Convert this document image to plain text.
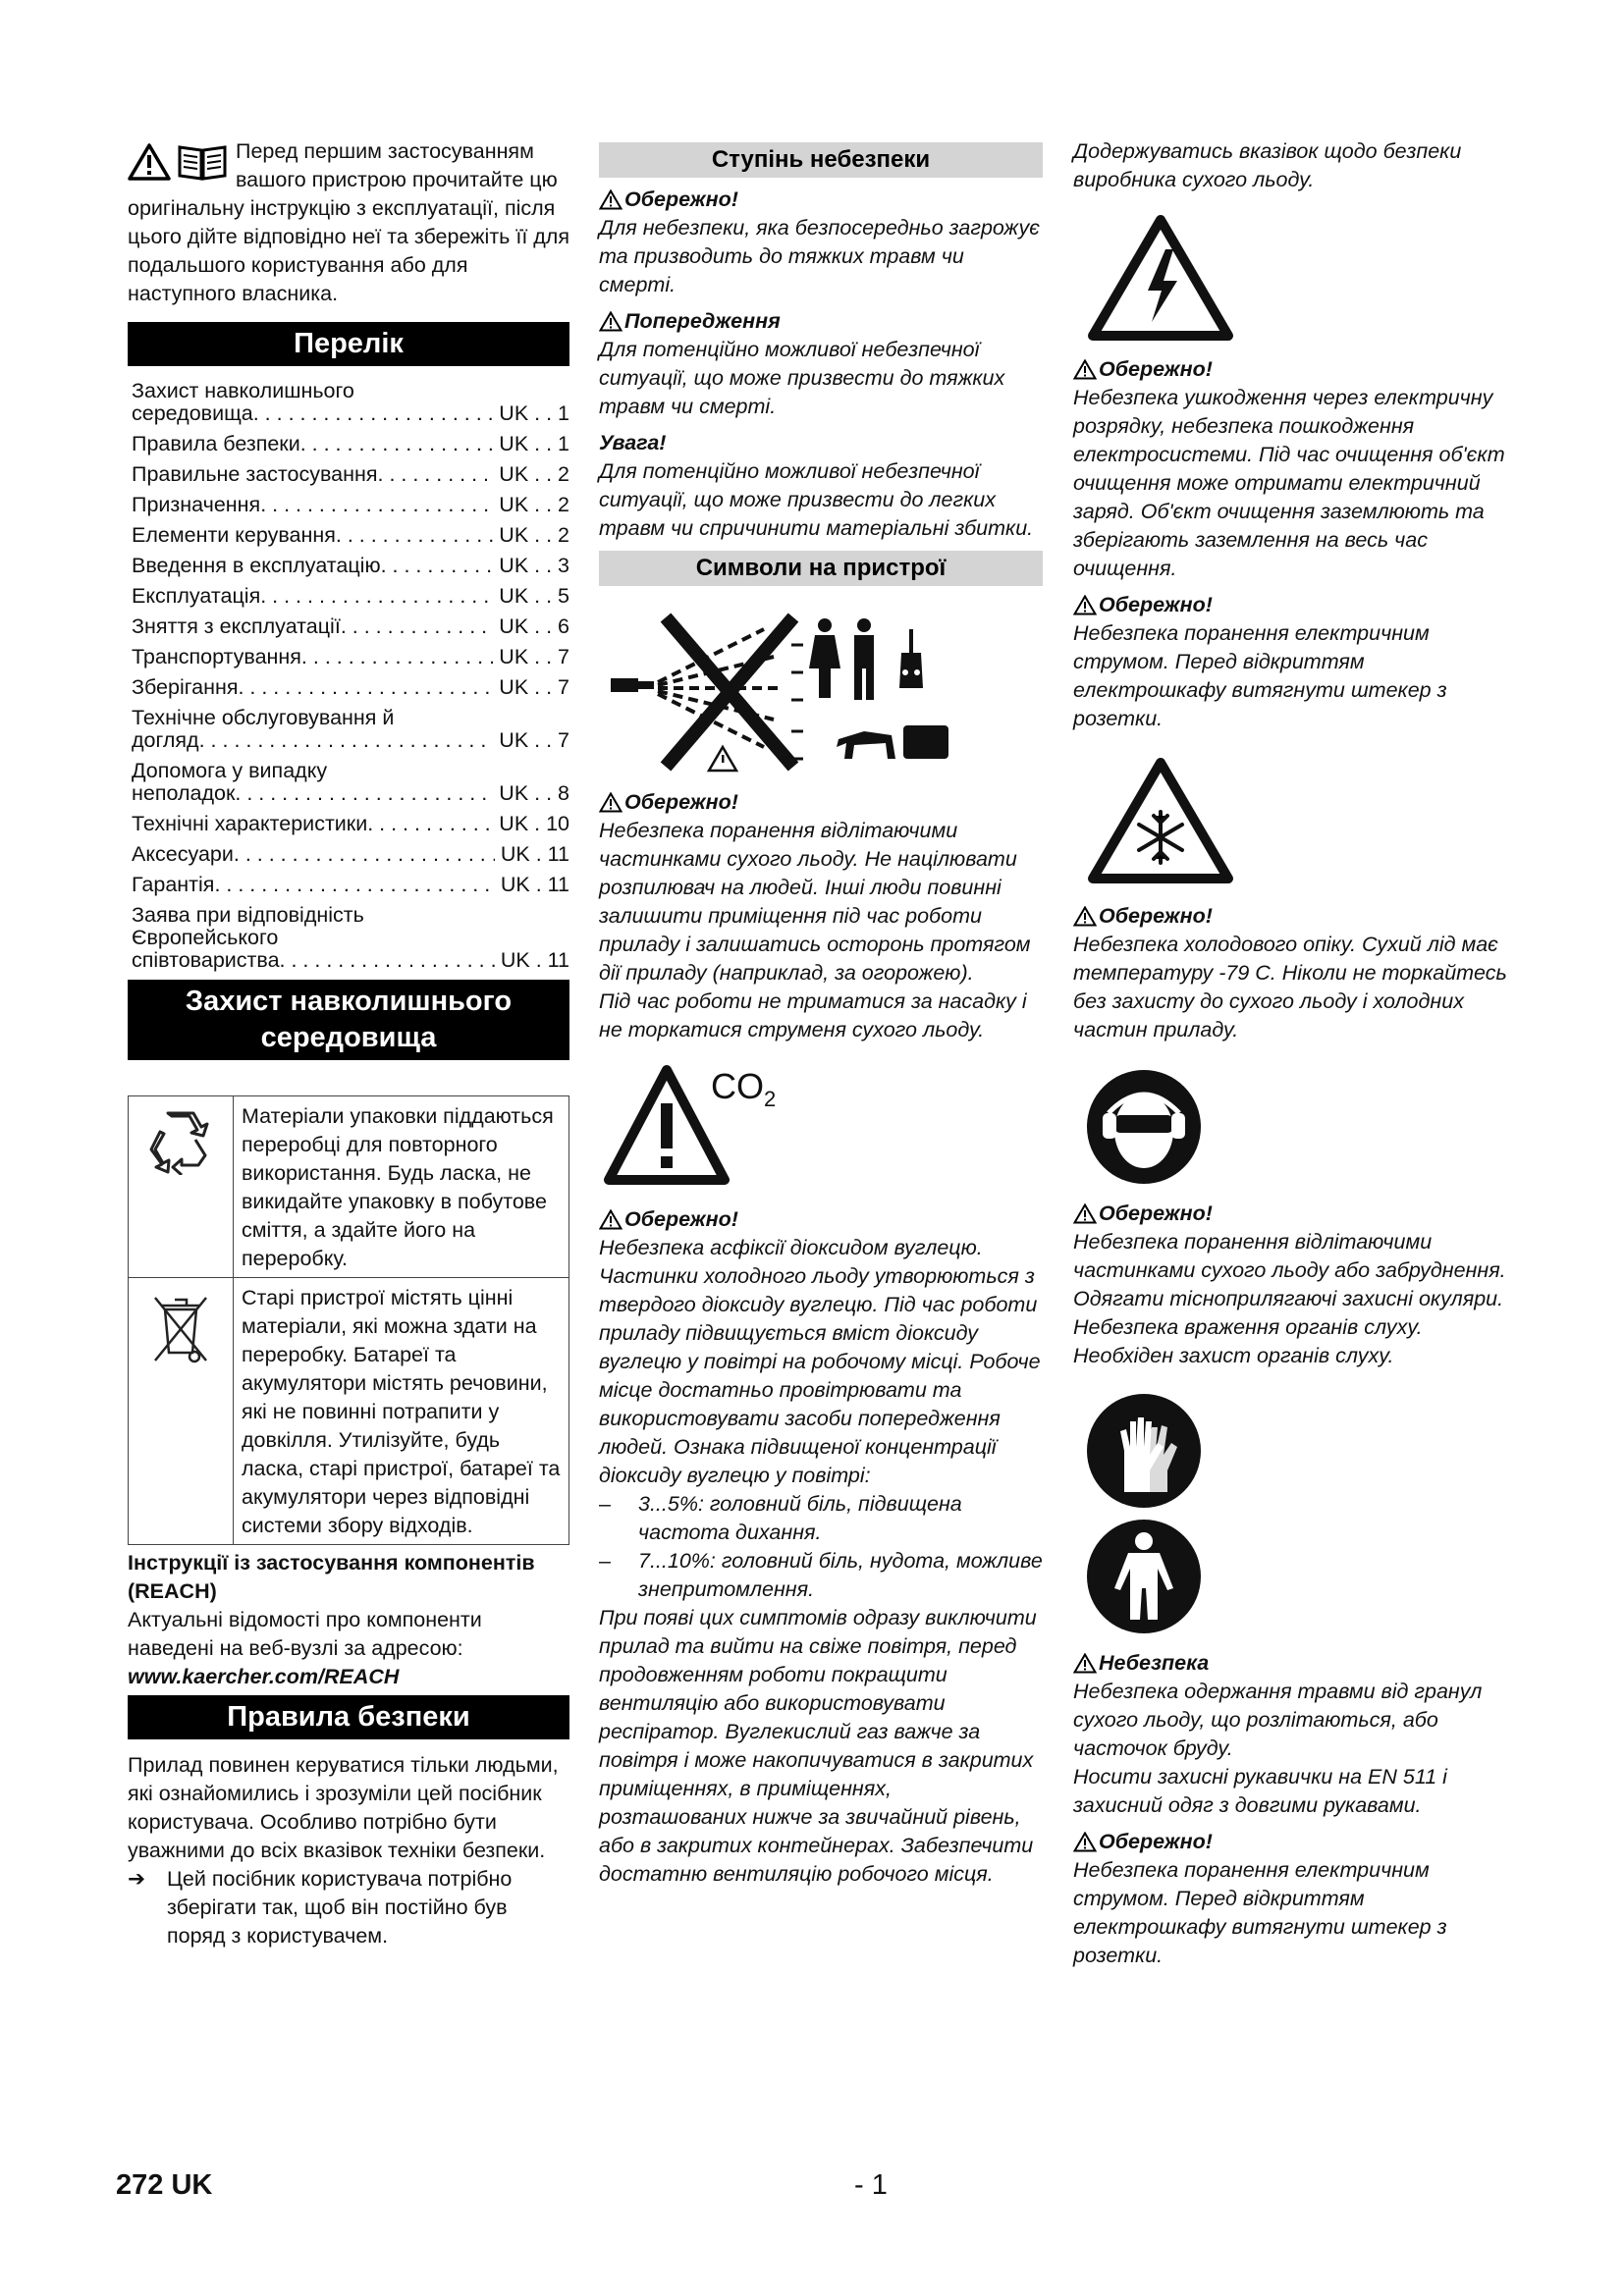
Перед першим застосуванням вашого пристрою прочитайте цю оригінальну інструкцію з експлуатації, після цього дійте відповідно неї та збережіть її для подальшого користування або для наступного власника.
Перелік
Захист навколишнього
середовища . . .	UK . . 1
Правила безпеки . . .	UK . . 1
Правильне застосування . . .	UK . . 2
Призначення . . .	UK . . 2
Елементи керування . . .	UK . . 2
Введення в експлуатацію . . .	UK . . 3
Експлуатація . . .	UK . . 5
Зняття з експлуатації . . .	UK . . 6
Транспортування . . .	UK . . 7
Зберігання . . .	UK . . 7
Технічне обслуговування й
догляд . . .	UK . . 7
Допомога у випадку
неполадок . . .	UK . . 8
Технічні характеристики . . .	UK . 10
Аксесуари . . .	UK . 11
Гарантія . . .	UK . 11
Заява при відповідність
Європейського
співтовариства . . .	UK . 11
Захист навколишнього середовища
	Матеріали упаковки піддаються переробці для повторного використання. Будь ласка, не викидайте упаковку в побутове сміття, а здайте його на переробку.
	Старі пристрої містять цінні матеріали, які можна здати на переробку. Батареї та акумулятори містять речовини, які не повинні потрапити у довкілля. Утилізуйте, будь ласка, старі пристрої, батареї та акумулятори через відповідні системи збору відходів.

Інструкції із застосування компонентів (REACH)

Актуальні відомості про компоненти наведені на веб-вузлі за адресою:

www.kaercher.com/REACH

Правила безпеки

Прилад повинен керуватися тільки людьми, які ознайомились і зрозуміли цей посібник користувача. Особливо потрібно бути уважними до всіх вказівок техніки безпеки.

➔	Цей посібник користувача потрібно зберігати так, щоб він постійно був поряд з користувачем.
Ступінь небезпеки
Обережно!

Для небезпеки, яка безпосередньо загрожує та призводить до тяжких травм чи смерті.

Попередження

Для потенційно можливої небезпечної ситуації, що може призвести до тяжких травм чи смерті.

Увага!

Для потенційно можливої небезпечної ситуації, що може призвести до легких травм чи спричинити матеріальні збитки.

Символи на пристрої
Обережно!

Небезпека поранення відлітаючими частинками сухого льоду. Не націлювати розпилювач на людей. Інші люди повинні залишити приміщення під час роботи приладу і залишатись осторонь протягом дії приладу (наприклад, за огорожею).

Під час роботи не триматися за насадку і не торкатися струменя сухого льоду.

$CO_2$
Обережно!

Небезпека асфіксії діоксидом вуглецю. Частинки холодного льоду утворюються з твердого діоксиду вуглецю. Під час роботи приладу підвищується вміст діоксиду вуглецю у повітрі на робочому місці. Робоче місце достатньо провітрювати та використовувати засоби попередження людей. Ознака підвищеної концентрації діоксиду вуглецю у повітрі:

–	3...5%: головний біль, підвищена частота дихання.
–	7...10%: головний біль, нудота, можливе знепритомлення.

При появі цих симптомів одразу виключити прилад та вийти на свіже повітря, перед продовженням роботи покращити вентиляцію або використовувати респіратор. Вуглекислий газ важче за повітря і може накопичуватися в закритих приміщеннях, в приміщеннях, розташованих нижче за звичайний рівень, або в закритих контейнерах. Забезпечити достатню вентиляцію робочого місця.

Додержуватись вказівок щодо безпеки виробника сухого льоду.

Обережно!

Небезпека ушкодження через електричну розрядку, небезпека пошкодження електросистеми. Під час очищення об'єкт очищення може отримати електричний заряд. Об'єкт очищення заземлюють та зберігають заземлення на весь час очищення.

Обережно!

Небезпека поранення електричним струмом. Перед відкриттям електрошкафу витягнути штекер з розетки.

Обережно!

Небезпека холодового опіку. Сухий лід має температуру -79 C. Ніколи не торкайтесь без захисту до сухого льоду і холодних частин приладу.

Обережно!

Небезпека поранення відлітаючими частинками сухого льоду або забруднення. Одягати тіснoприлягаючі захисні окуляри.

Небезпека враження органів слуху. Необхіден захист органів слуху.

Небезпека

Небезпека одержання травми від гранул сухого льоду, що розлітаються, або часточок бруду.

Носити захисні рукавички на EN 511 і захисний одяг з довгими рукавами.

Обережно!

Небезпека поранення електричним струмом. Перед відкриттям електрошкафу витягнути штекер з розетки.

272 UK	- 1
